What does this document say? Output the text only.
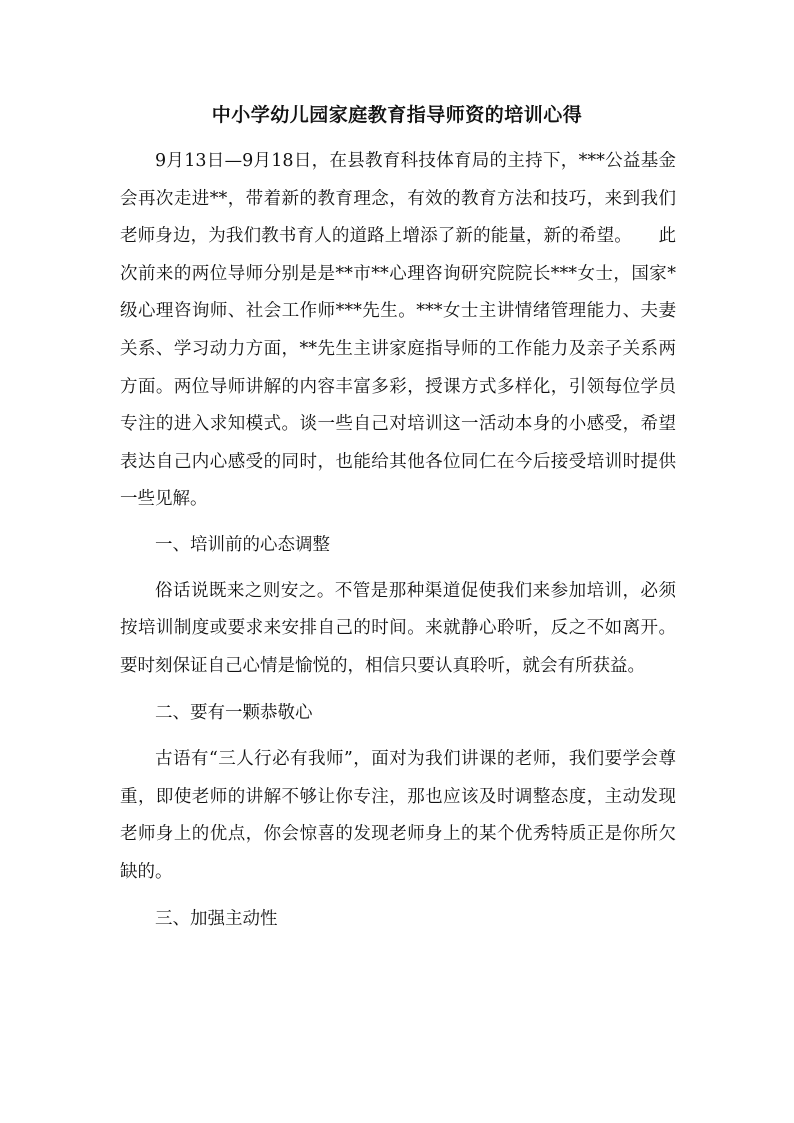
中小学幼儿园家庭教育指导师资的培训心得

9月13日—9月18日，在县教育科技体育局的主持下，***公益基金会再次走进**，带着新的教育理念，有效的教育方法和技巧，来到我们老师身边，为我们教书育人的道路上增添了新的能量，新的希望。　　此次前来的两位导师分别是是**市**心理咨询研究院院长***女士，国家*级心理咨询师、社会工作师***先生。***女士主讲情绪管理能力、夫妻关系、学习动力方面，**先生主讲家庭指导师的工作能力及亲子关系两方面。两位导师讲解的内容丰富多彩，授课方式多样化，引领每位学员专注的进入求知模式。谈一些自己对培训这一活动本身的小感受，希望表达自己内心感受的同时，也能给其他各位同仁在今后接受培训时提供一些见解。

一、培训前的心态调整

俗话说既来之则安之。不管是那种渠道促使我们来参加培训，必须按培训制度或要求来安排自己的时间。来就静心聆听，反之不如离开。要时刻保证自己心情是愉悦的，相信只要认真聆听，就会有所获益。

二、要有一颗恭敬心

古语有“三人行必有我师”，面对为我们讲课的老师，我们要学会尊重，即使老师的讲解不够让你专注，那也应该及时调整态度，主动发现老师身上的优点，你会惊喜的发现老师身上的某个优秀特质正是你所欠缺的。

三、加强主动性
